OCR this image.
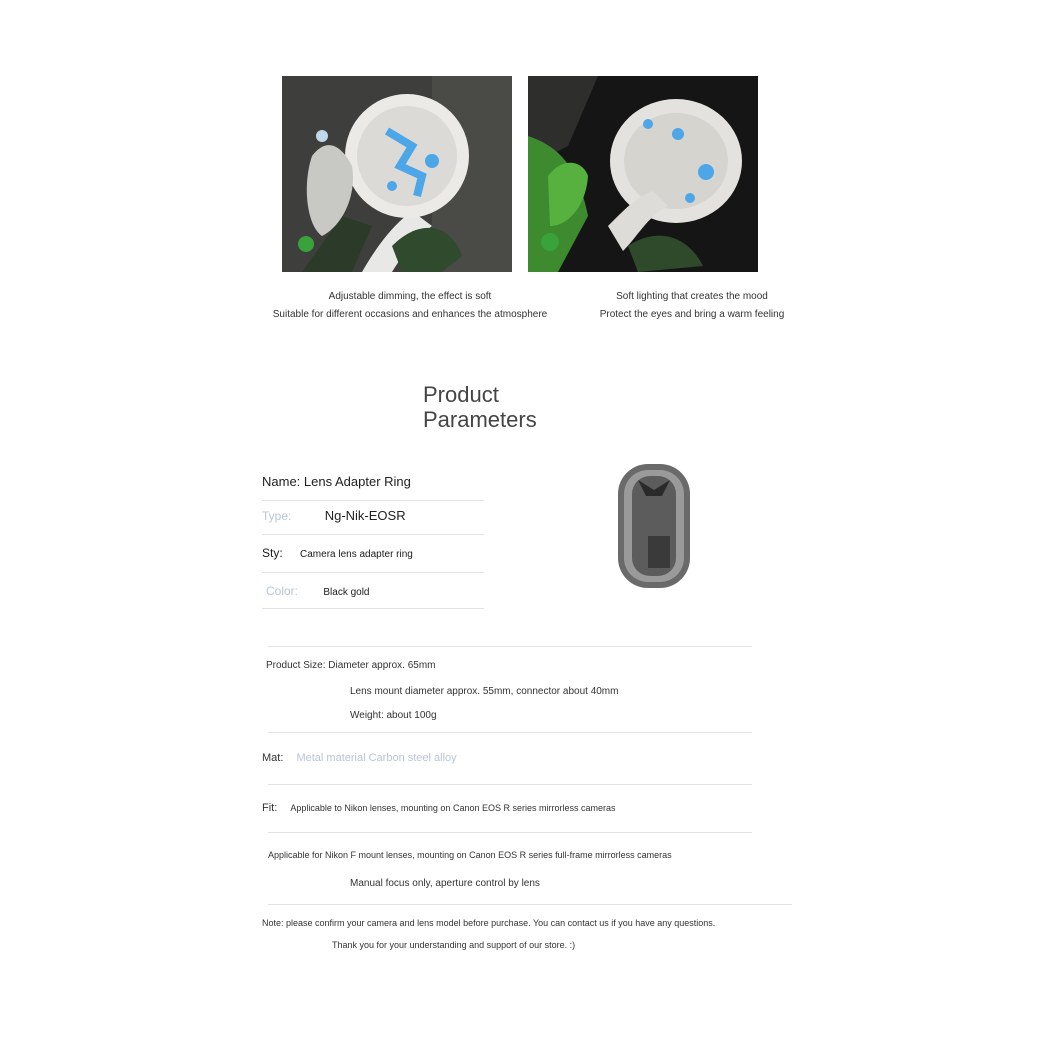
Adjustable dimming, the effect is soft
Suitable for different occasions and enhances the atmosphere
Soft lighting that creates the mood
Protect the eyes and bring a warm feeling
Product Parameters
Name: Lens Adapter Ring
Type:	Ng-Nik-EOSR
Sty: Camera lens adapter ring
Color:	Black gold
Product Size: Diameter approx. 65mm
Lens mount diameter approx. 55mm, connector about 40mm
Weight: about 100g
Mat: Metal material Carbon steel alloy
Fit: Applicable to Nikon lenses, mounting on Canon EOS R series mirrorless cameras
Applicable for Nikon F mount lenses, mounting on Canon EOS R series full-frame mirrorless cameras
Manual focus only, aperture control by lens
Note: please confirm your camera and lens model before purchase. You can contact us if you have any questions.
Thank you for your understanding and support of our store. :)
